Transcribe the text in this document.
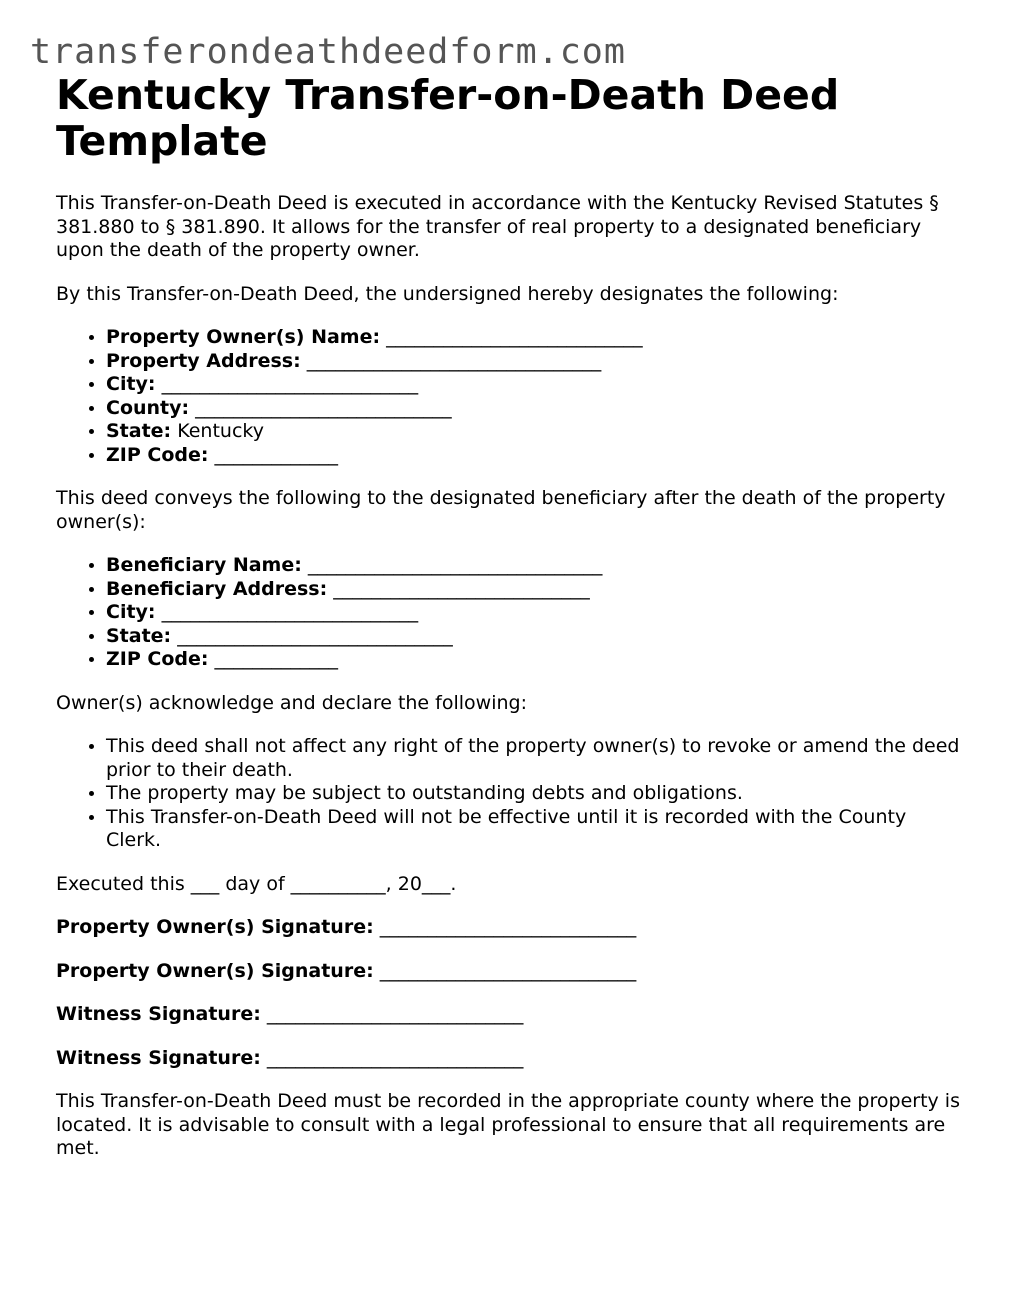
transferondeathdeedform.com
Kentucky Transfer-on-Death Deed Template

This Transfer-on-Death Deed is executed in accordance with the Kentucky Revised Statutes § 381.880 to § 381.890. It allows for the transfer of real property to a designated beneficiary upon the death of the property owner.

By this Transfer-on-Death Deed, the undersigned hereby designates the following:

• Property Owner(s) Name: ___________________________
• Property Address: _______________________________
• City: ___________________________
• County: ___________________________
• State: Kentucky
• ZIP Code: _____________

This deed conveys the following to the designated beneficiary after the death of the property owner(s):

• Beneficiary Name: _______________________________
• Beneficiary Address: ___________________________
• City: ___________________________
• State: _____________________________
• ZIP Code: _____________

Owner(s) acknowledge and declare the following:

• This deed shall not affect any right of the property owner(s) to revoke or amend the deed prior to their death.
• The property may be subject to outstanding debts and obligations.
• This Transfer-on-Death Deed will not be effective until it is recorded with the County Clerk.

Executed this ___ day of __________, 20___.

Property Owner(s) Signature: ___________________________

Property Owner(s) Signature: ___________________________

Witness Signature: ___________________________

Witness Signature: ___________________________

This Transfer-on-Death Deed must be recorded in the appropriate county where the property is located. It is advisable to consult with a legal professional to ensure that all requirements are met.
